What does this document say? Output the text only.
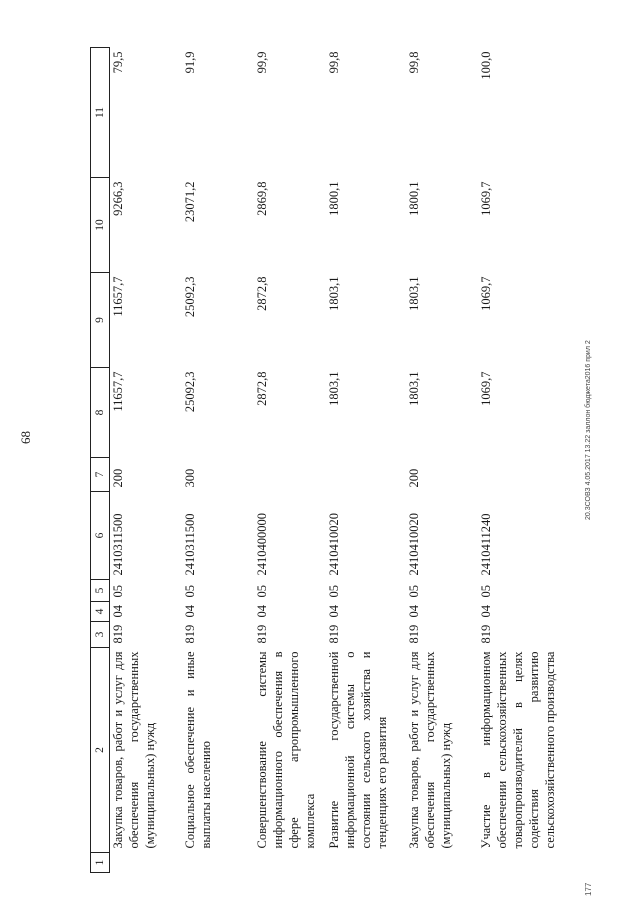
68
1	2	3	4	5	6	7	8	9	10	11
	Закупка товаров, работ и услуг для обеспечения государственных (муниципальных) нужд	819	04	05	2410311500	200	11657,7	11657,7	9266,3	79,5
	Социальное обеспечение и иные выплаты населению	819	04	05	2410311500	300	25092,3	25092,3	23071,2	91,9
	Совершенствование системы информационного обеспечения в сфере агропромышленного комплекса	819	04	05	2410400000		2872,8	2872,8	2869,8	99,9
	Развитие государственной информационной системы о состоянии сельского хозяйства и тенденциях его развития	819	04	05	2410410020		1803,1	1803,1	1800,1	99,8
	Закупка товаров, работ и услуг для обеспечения государственных (муниципальных) нужд	819	04	05	2410410020	200	1803,1	1803,1	1800,1	99,8
	Участие в информационном обеспечении сельскохозяйственных товаропроизводителей в целях содействия развитию сельскохозяйственного производства	819	04	05	2410411240		1069,7	1069,7	1069,7	100,0
20.3СОВЗ 4.05.2017 13.22 заллон бюджета2016 прил 2
177
